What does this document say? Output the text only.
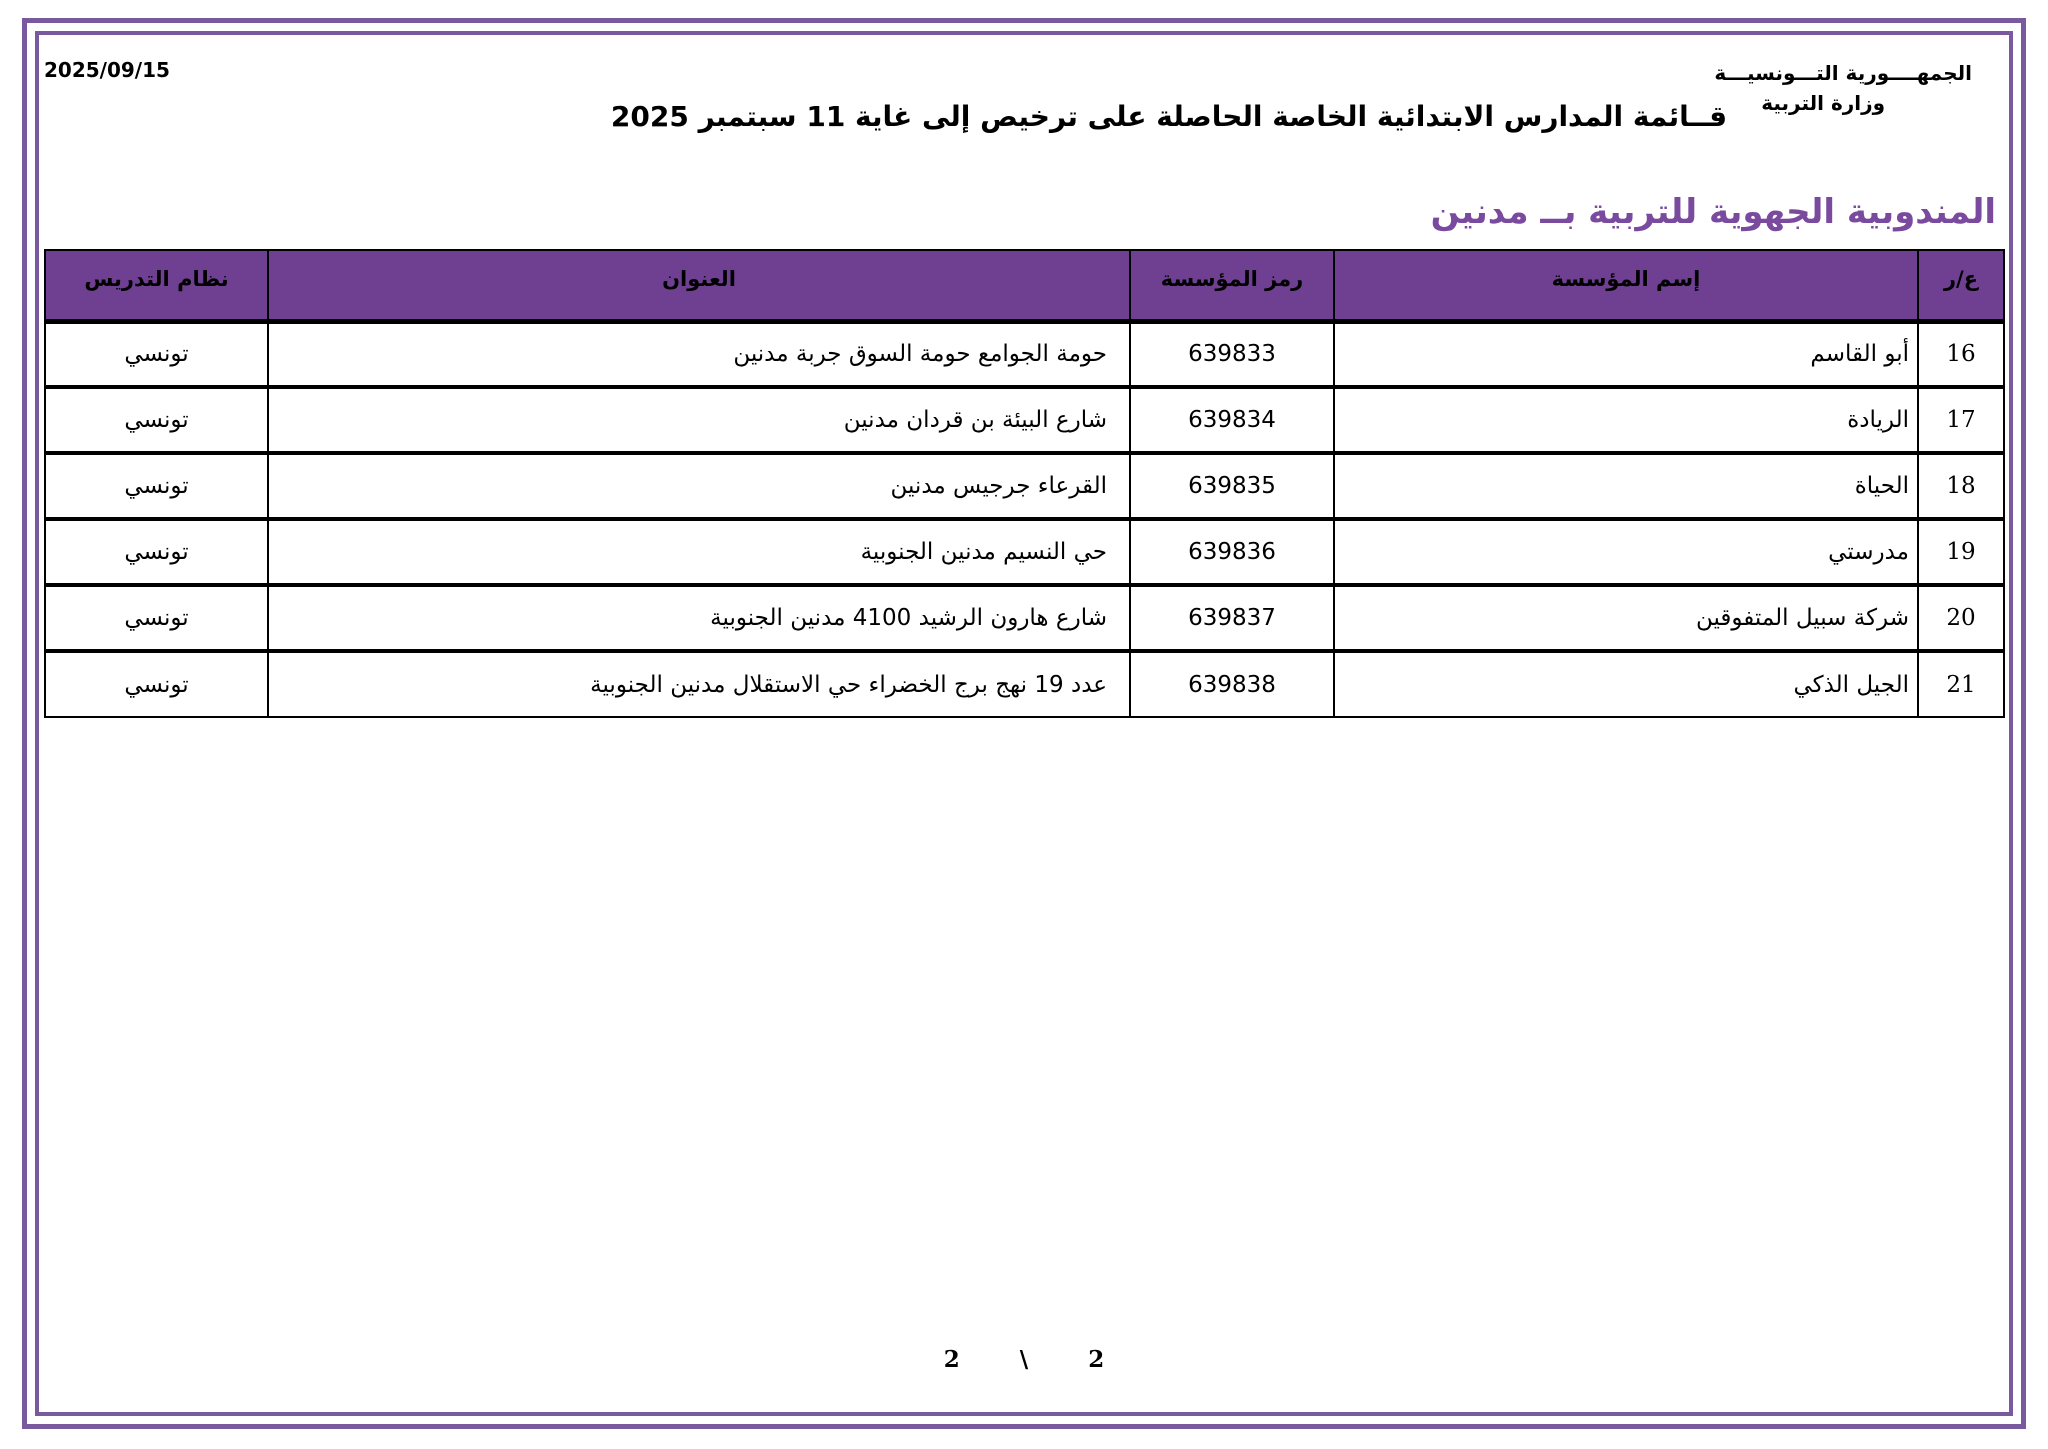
الجمهــــورية التـــونسيـــة
وزارة التربية
2025/09/15
قــائمة المدارس الابتدائية الخاصة الحاصلة على ترخيص إلى غاية 11 سبتمبر 2025
المندوبية الجهوية للتربية بــ مدنين
ع/ر	إسم المؤسسة	رمز المؤسسة	العنوان	نظام التدريس
16	أبو القاسم	639833	حومة الجوامع حومة السوق جربة مدنين	تونسي
17	الريادة	639834	شارع البيئة بن قردان مدنين	تونسي
18	الحياة	639835	القرعاء جرجيس مدنين	تونسي
19	مدرستي	639836	حي النسيم مدنين الجنوبية	تونسي
20	شركة سبيل المتفوقين	639837	شارع هارون الرشيد 4100 مدنين الجنوبية	تونسي
21	الجيل الذكي	639838	عدد 19 نهج برج الخضراء حي الاستقلال مدنين الجنوبية	تونسي
2	\	2
